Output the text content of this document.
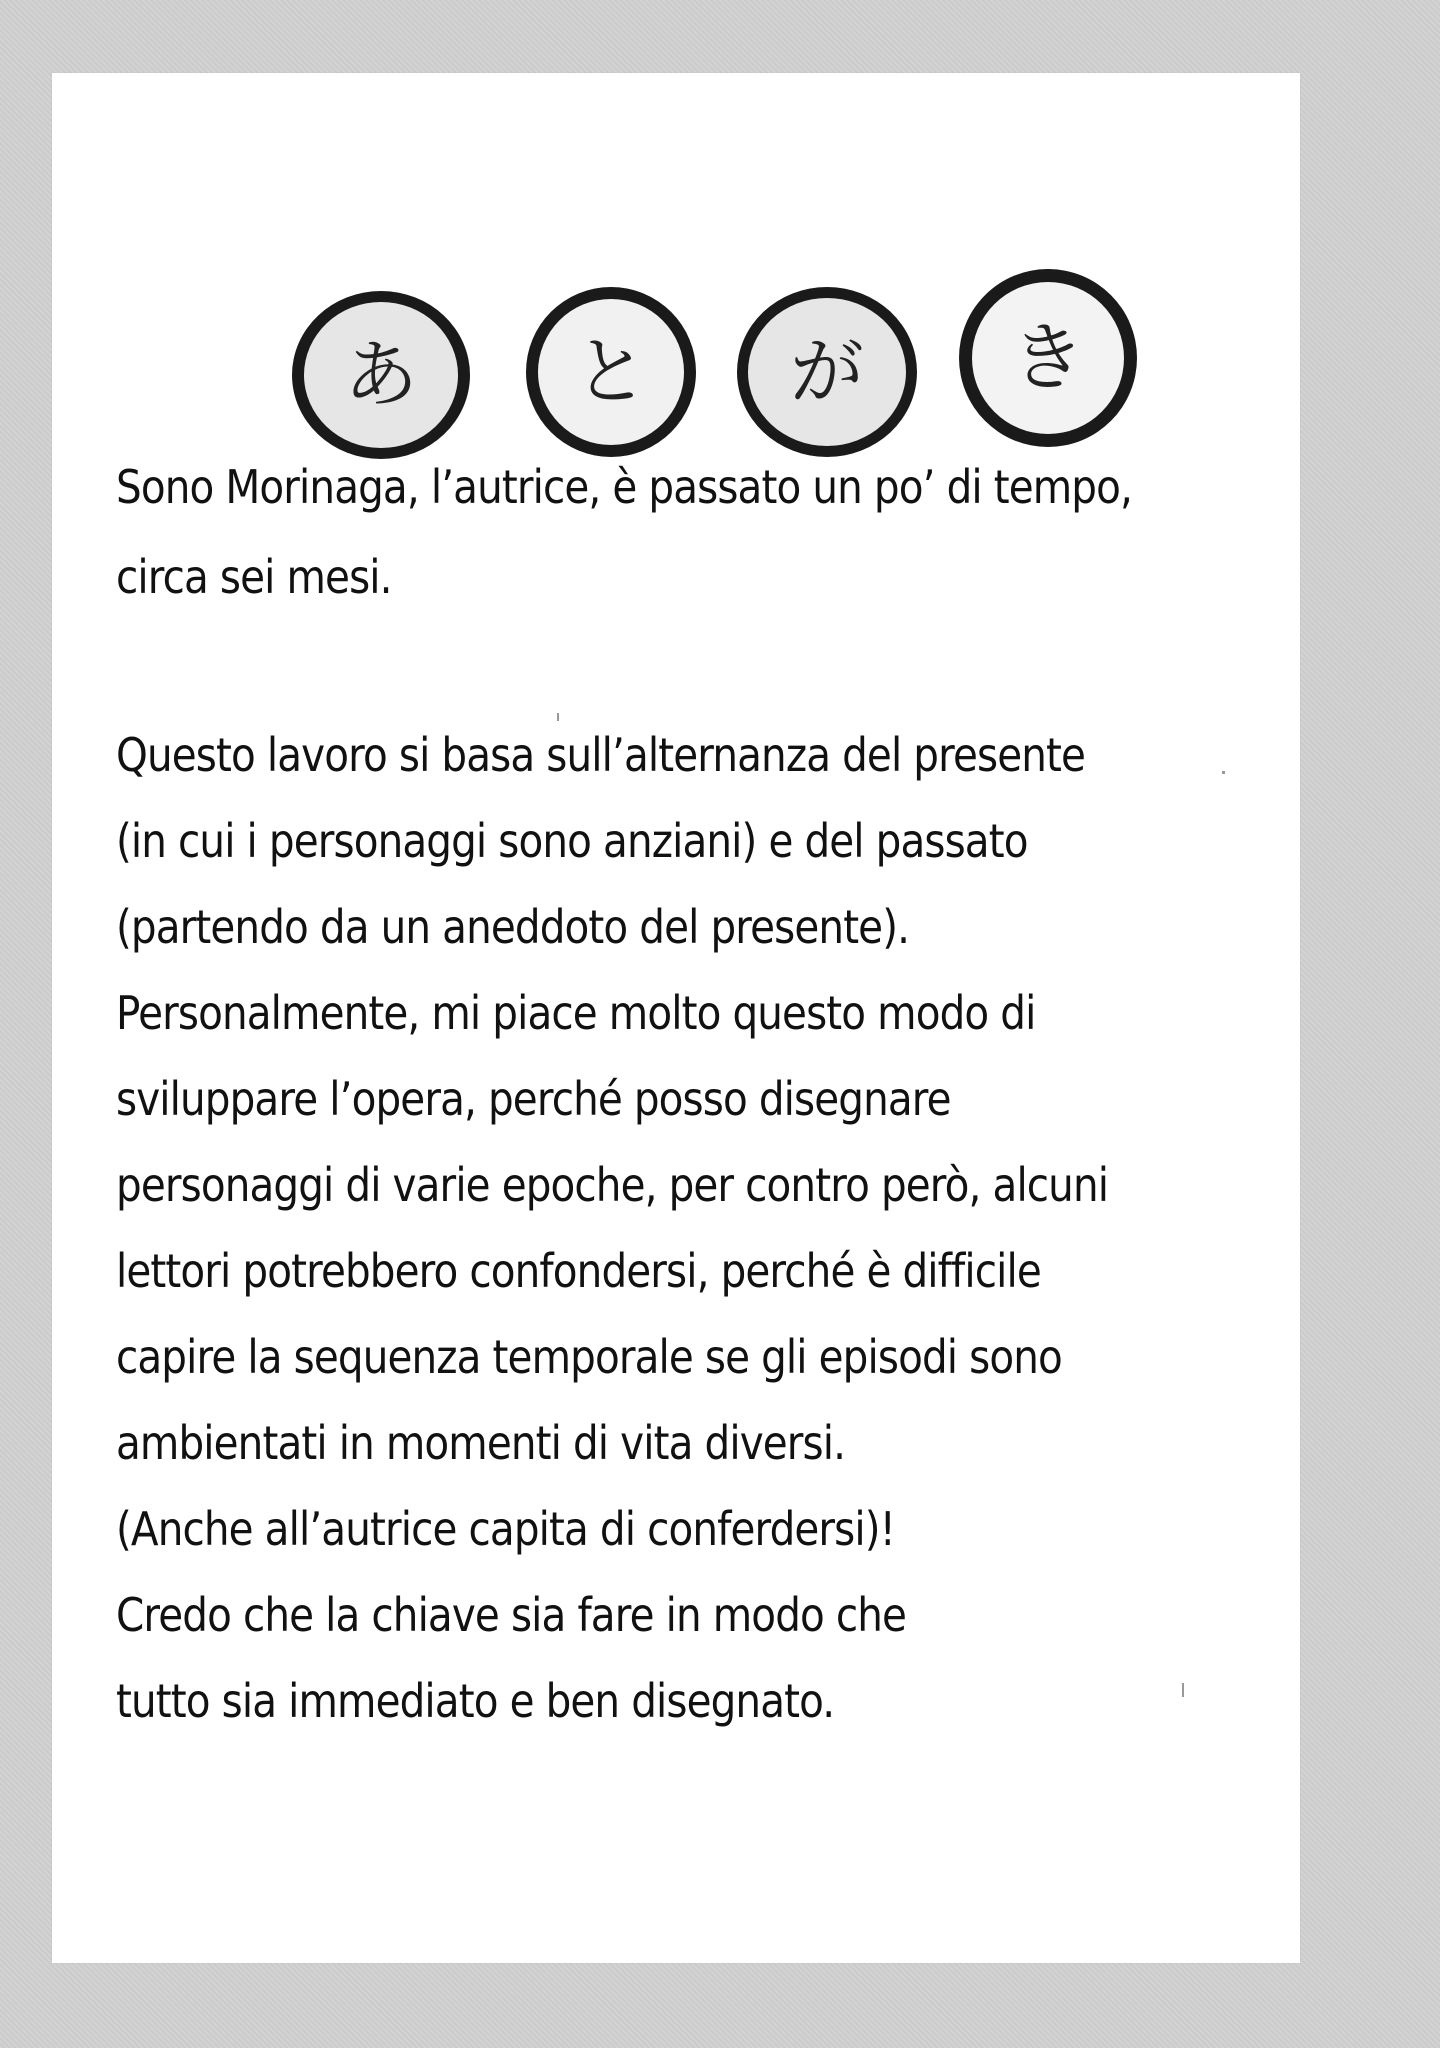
あ と が き
Sono Morinaga, l’autrice, è passato un po’ di tempo,
circa sei mesi.
Questo lavoro si basa sull’alternanza del presente
(in cui i personaggi sono anziani) e del passato
(partendo da un aneddoto del presente).
Personalmente, mi piace molto questo modo di
sviluppare l’opera, perché posso disegnare
personaggi di varie epoche, per contro però, alcuni
lettori potrebbero confondersi, perché è difficile
capire la sequenza temporale se gli episodi sono
ambientati in momenti di vita diversi.
(Anche all’autrice capita di conferdersi)!
Credo che la chiave sia fare in modo che
tutto sia immediato e ben disegnato.
